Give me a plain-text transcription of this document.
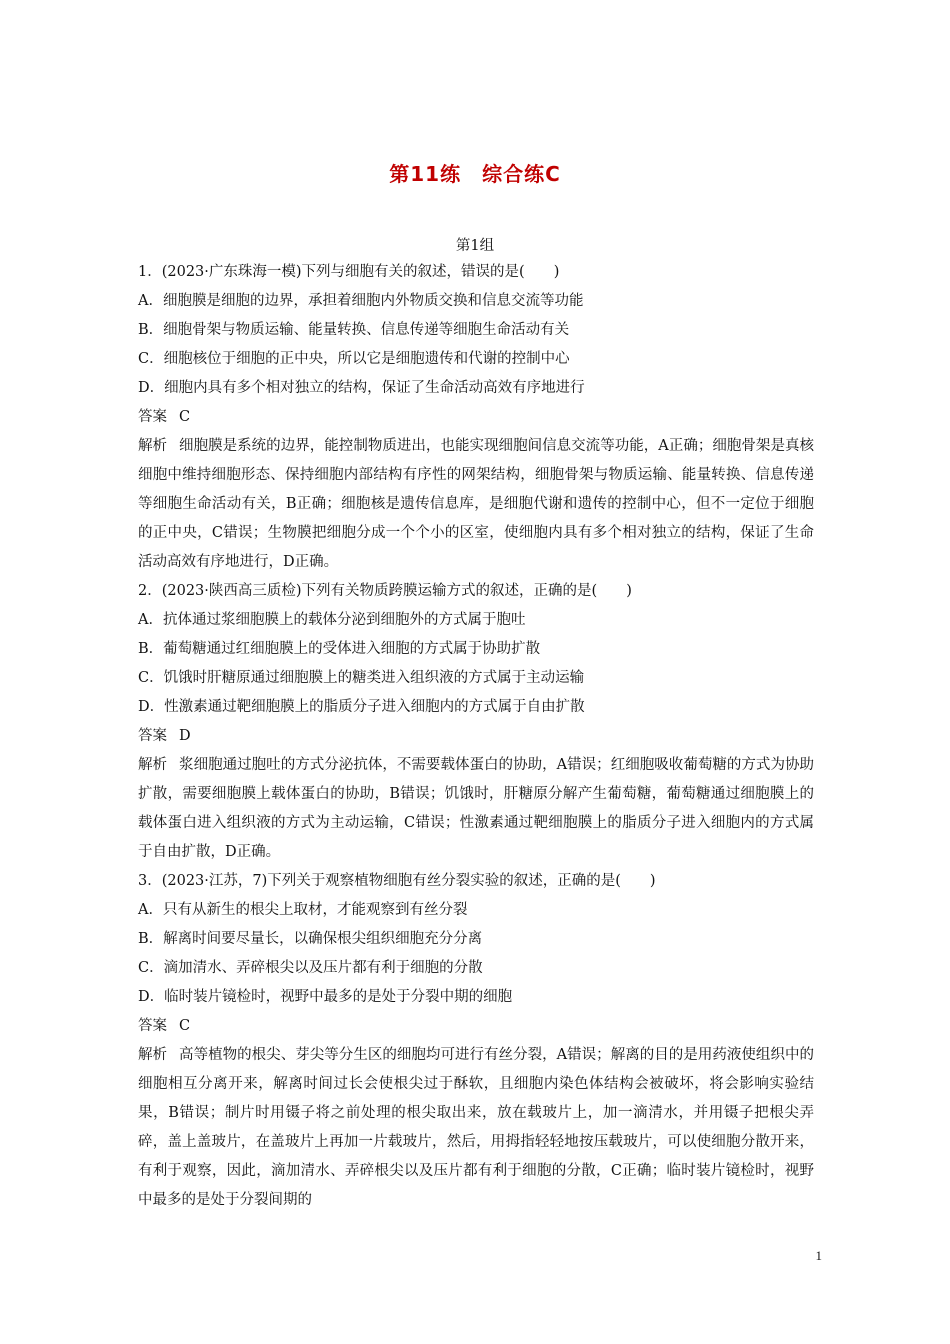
第11练　综合练C
第1组
1．(2023·广东珠海一模)下列与细胞有关的叙述，错误的是(　　)
A．细胞膜是细胞的边界，承担着细胞内外物质交换和信息交流等功能
B．细胞骨架与物质运输、能量转换、信息传递等细胞生命活动有关
C．细胞核位于细胞的正中央，所以它是细胞遗传和代谢的控制中心
D．细胞内具有多个相对独立的结构，保证了生命活动高效有序地进行
答案 C
解析 细胞膜是系统的边界，能控制物质进出，也能实现细胞间信息交流等功能，A正确；细胞骨架是真核细胞中维持细胞形态、保持细胞内部结构有序性的网架结构，细胞骨架与物质运输、能量转换、信息传递等细胞生命活动有关，B正确；细胞核是遗传信息库，是细胞代谢和遗传的控制中心，但不一定位于细胞的正中央，C错误；生物膜把细胞分成一个个小的区室，使细胞内具有多个相对独立的结构，保证了生命活动高效有序地进行，D正确。
2．(2023·陕西高三质检)下列有关物质跨膜运输方式的叙述，正确的是(　　)
A．抗体通过浆细胞膜上的载体分泌到细胞外的方式属于胞吐
B．葡萄糖通过红细胞膜上的受体进入细胞的方式属于协助扩散
C．饥饿时肝糖原通过细胞膜上的糖类进入组织液的方式属于主动运输
D．性激素通过靶细胞膜上的脂质分子进入细胞内的方式属于自由扩散
答案 D
解析 浆细胞通过胞吐的方式分泌抗体，不需要载体蛋白的协助，A错误；红细胞吸收葡萄糖的方式为协助扩散，需要细胞膜上载体蛋白的协助，B错误；饥饿时，肝糖原分解产生葡萄糖，葡萄糖通过细胞膜上的载体蛋白进入组织液的方式为主动运输，C错误；性激素通过靶细胞膜上的脂质分子进入细胞内的方式属于自由扩散，D正确。
3．(2023·江苏，7)下列关于观察植物细胞有丝分裂实验的叙述，正确的是(　　)
A．只有从新生的根尖上取材，才能观察到有丝分裂
B．解离时间要尽量长，以确保根尖组织细胞充分分离
C．滴加清水、弄碎根尖以及压片都有利于细胞的分散
D．临时装片镜检时，视野中最多的是处于分裂中期的细胞
答案 C
解析 高等植物的根尖、芽尖等分生区的细胞均可进行有丝分裂，A错误；解离的目的是用药液使组织中的细胞相互分离开来，解离时间过长会使根尖过于酥软，且细胞内染色体结构会被破坏，将会影响实验结果，B错误；制片时用镊子将之前处理的根尖取出来，放在载玻片上，加一滴清水，并用镊子把根尖弄碎，盖上盖玻片，在盖玻片上再加一片载玻片，然后，用拇指轻轻地按压载玻片，可以使细胞分散开来，有利于观察，因此，滴加清水、弄碎根尖以及压片都有利于细胞的分散，C正确；临时装片镜检时，视野中最多的是处于分裂间期的
1
